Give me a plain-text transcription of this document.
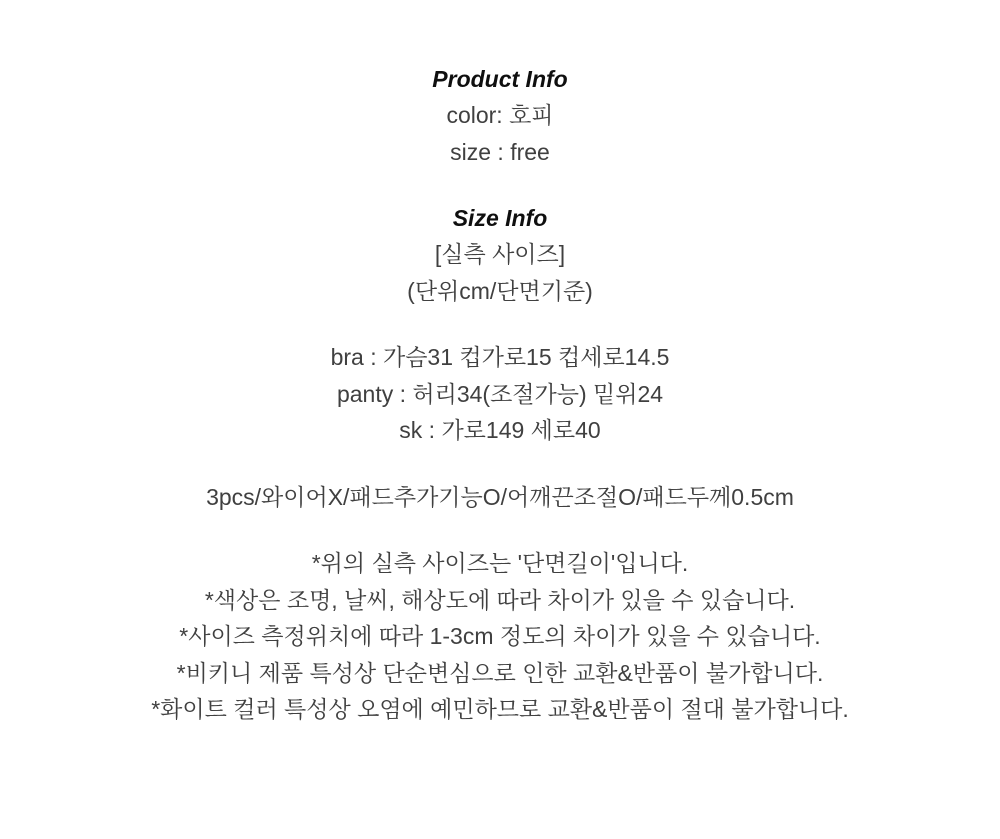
Product Info
color: 호피
size : free
Size Info
[실측 사이즈]
(단위cm/단면기준)
bra : 가슴31 컵가로15 컵세로14.5
panty : 허리34(조절가능) 밑위24
sk : 가로149 세로40
3pcs/와이어X/패드추가기능O/어깨끈조절O/패드두께0.5cm
*위의 실측 사이즈는 '단면길이'입니다.
*색상은 조명, 날씨, 해상도에 따라 차이가 있을 수 있습니다.
*사이즈 측정위치에 따라 1-3cm 정도의 차이가 있을 수 있습니다.
*비키니 제품 특성상 단순변심으로 인한 교환&반품이 불가합니다.
*화이트 컬러 특성상 오염에 예민하므로 교환&반품이 절대 불가합니다.
